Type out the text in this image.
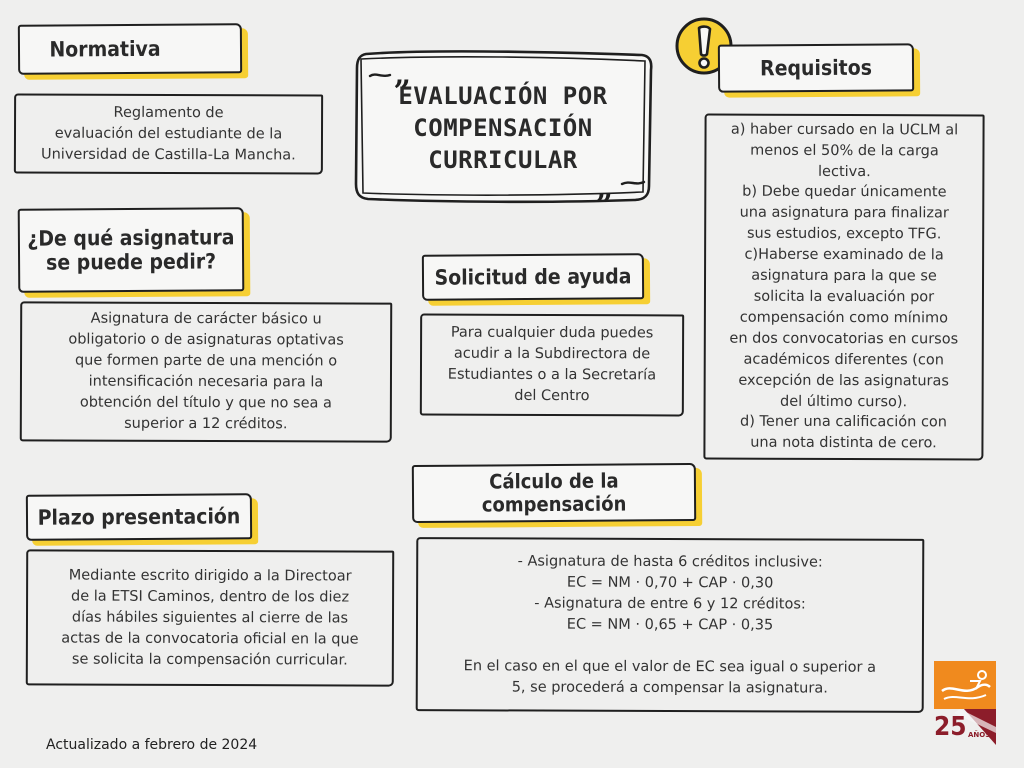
„
„
EVALUACIÓN POR
COMPENSACIÓN
CURRICULAR
Normativa

Reglamento de

evaluación del estudiante de la

Universidad de Castilla-La Mancha.

¿De qué asignatura
se puede pedir?

Asignatura de carácter básico u

obligatorio o de asignaturas optativas

que formen parte de una mención o

intensificación necesaria para la

obtención del título y que no sea a

superior a 12 créditos.

Plazo presentación

Mediante escrito dirigido a la Directoar

de la ETSI Caminos, dentro de los diez

días hábiles siguientes al cierre de las

actas de la convocatoria oficial en la que

se solicita la compensación curricular.

Solicitud de ayuda

Para cualquier duda puedes

acudir a la Subdirectora de

Estudiantes o a la Secretaría

del Centro

Cálculo de la compensación

- Asignatura de hasta 6 créditos inclusive:

EC = NM · 0,70 + CAP · 0,30

- Asignatura de entre 6 y 12 créditos:

EC = NM · 0,65 + CAP · 0,35

En el caso en el que el valor de EC sea igual o superior a

5, se procederá a compensar la asignatura.

Requisitos

a) haber cursado en la UCLM al

menos el 50% de la carga

lectiva.

b) Debe quedar únicamente

una asignatura para finalizar

sus estudios, excepto TFG.

c)Haberse examinado de la

asignatura para la que se

solicita la evaluación por

compensación como mínimo

en dos convocatorias en cursos

académicos diferentes (con

excepción de las asignaturas

del último curso).

d) Tener una calificación con

una nota distinta de cero.

Actualizado a febrero de 2024
25 AÑOS
